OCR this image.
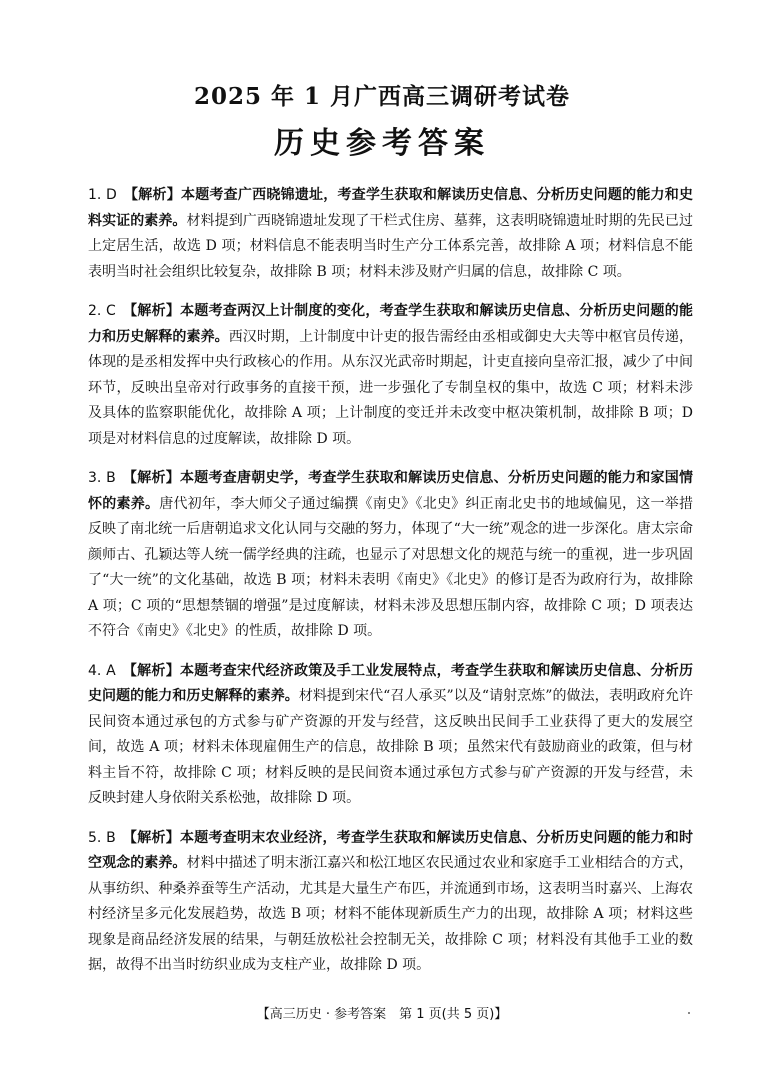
2025 年 1 月广西高三调研考试卷
历史参考答案

1. D 【解析】本题考查广西晓锦遗址，考查学生获取和解读历史信息、分析历史问题的能力和史料实证的素养。材料提到广西晓锦遗址发现了干栏式住房、墓葬，这表明晓锦遗址时期的先民已过上定居生活，故选 D 项；材料信息不能表明当时生产分工体系完善，故排除 A 项；材料信息不能表明当时社会组织比较复杂，故排除 B 项；材料未涉及财产归属的信息，故排除 C 项。

2. C 【解析】本题考查两汉上计制度的变化，考查学生获取和解读历史信息、分析历史问题的能力和历史解释的素养。西汉时期，上计制度中计吏的报告需经由丞相或御史大夫等中枢官员传递，体现的是丞相发挥中央行政核心的作用。从东汉光武帝时期起，计吏直接向皇帝汇报，减少了中间环节，反映出皇帝对行政事务的直接干预，进一步强化了专制皇权的集中，故选 C 项；材料未涉及具体的监察职能优化，故排除 A 项；上计制度的变迁并未改变中枢决策机制，故排除 B 项；D 项是对材料信息的过度解读，故排除 D 项。

3. B 【解析】本题考查唐朝史学，考查学生获取和解读历史信息、分析历史问题的能力和家国情怀的素养。唐代初年，李大师父子通过编撰《南史》《北史》纠正南北史书的地域偏见，这一举措反映了南北统一后唐朝追求文化认同与交融的努力，体现了“大一统”观念的进一步深化。唐太宗命颜师古、孔颖达等人统一儒学经典的注疏，也显示了对思想文化的规范与统一的重视，进一步巩固了“大一统”的文化基础，故选 B 项；材料未表明《南史》《北史》的修订是否为政府行为，故排除 A 项；C 项的“思想禁锢的增强”是过度解读，材料未涉及思想压制内容，故排除 C 项；D 项表达不符合《南史》《北史》的性质，故排除 D 项。

4. A 【解析】本题考查宋代经济政策及手工业发展特点，考查学生获取和解读历史信息、分析历史问题的能力和历史解释的素养。材料提到宋代“召人承买”以及“请射烹炼”的做法，表明政府允许民间资本通过承包的方式参与矿产资源的开发与经营，这反映出民间手工业获得了更大的发展空间，故选 A 项；材料未体现雇佣生产的信息，故排除 B 项；虽然宋代有鼓励商业的政策，但与材料主旨不符，故排除 C 项；材料反映的是民间资本通过承包方式参与矿产资源的开发与经营，未反映封建人身依附关系松弛，故排除 D 项。

5. B 【解析】本题考查明末农业经济，考查学生获取和解读历史信息、分析历史问题的能力和时空观念的素养。材料中描述了明末浙江嘉兴和松江地区农民通过农业和家庭手工业相结合的方式，从事纺织、种桑养蚕等生产活动，尤其是大量生产布匹，并流通到市场，这表明当时嘉兴、上海农村经济呈多元化发展趋势，故选 B 项；材料不能体现新质生产力的出现，故排除 A 项；材料这些现象是商品经济发展的结果，与朝廷放松社会控制无关，故排除 C 项；材料没有其他手工业的数据，故得不出当时纺织业成为支柱产业，故排除 D 项。

【高三历史 · 参考答案　第 1 页(共 5 页)】
